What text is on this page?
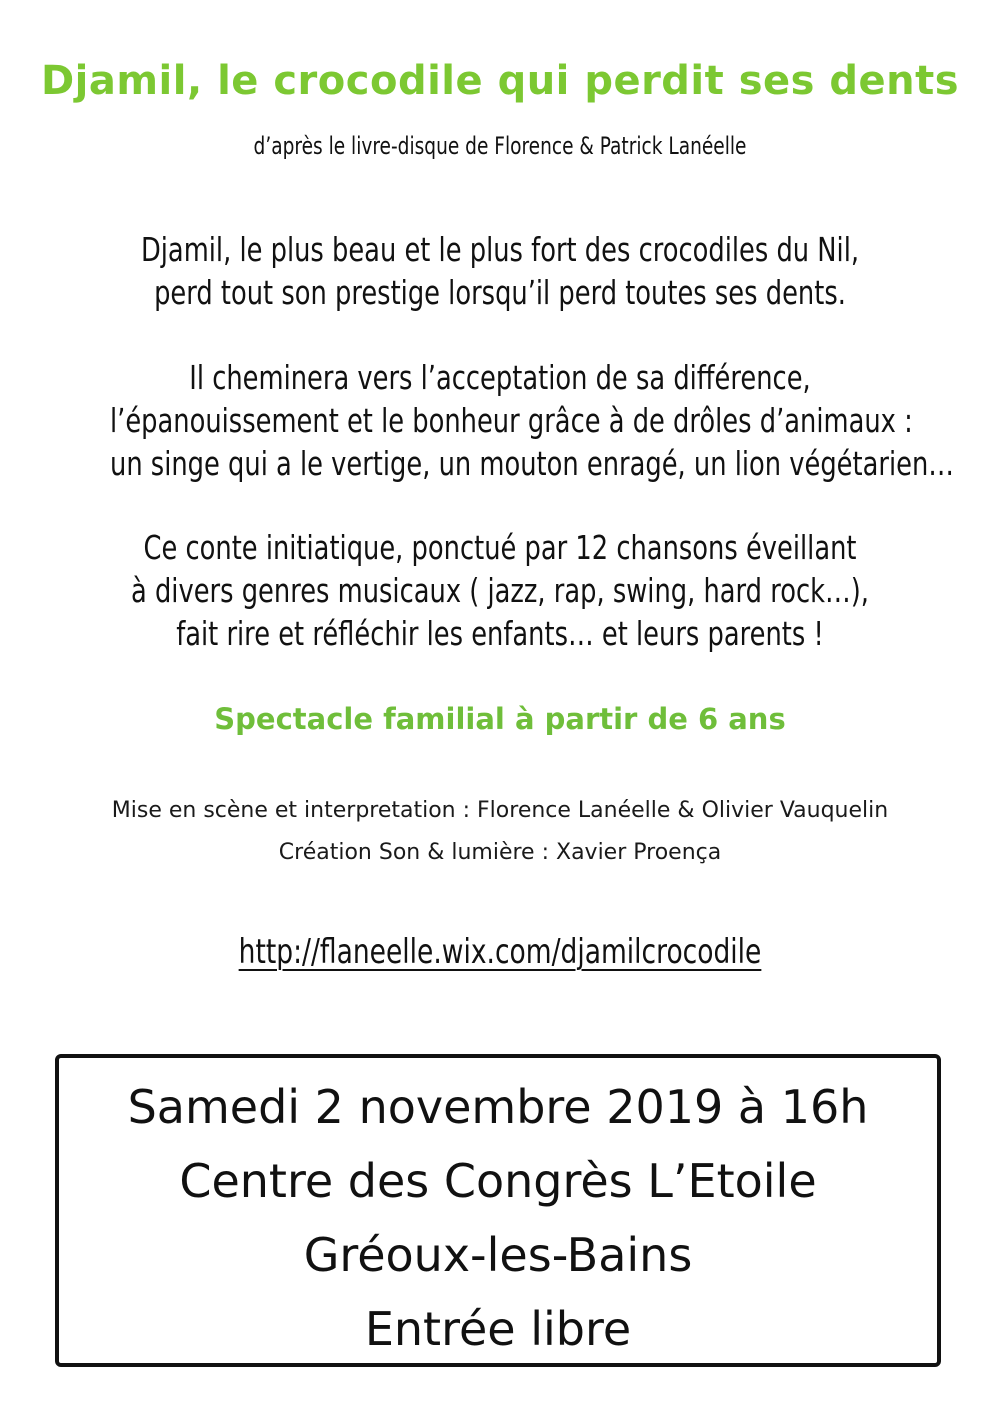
Djamil, le crocodile qui perdit ses dents
d’après le livre-disque de Florence & Patrick Lanéelle
Djamil, le plus beau et le plus fort des crocodiles du Nil,
perd tout son prestige lorsqu’il perd toutes ses dents.
Il cheminera vers l’acceptation de sa différence,
l’épanouissement et le bonheur grâce à de drôles d’animaux :
un singe qui a le vertige, un mouton enragé, un lion végétarien…
Ce conte initiatique, ponctué par 12 chansons éveillant
à divers genres musicaux ( jazz, rap, swing, hard rock…),
fait rire et réfléchir les enfants… et leurs parents !
Spectacle familial à partir de 6 ans
Mise en scène et interpretation : Florence Lanéelle & Olivier Vauquelin
Création Son & lumière : Xavier Proença
http://flaneelle.wix.com/djamilcrocodile
Samedi 2 novembre 2019 à 16h
Centre des Congrès L’Etoile
Gréoux-les-Bains
Entrée libre
